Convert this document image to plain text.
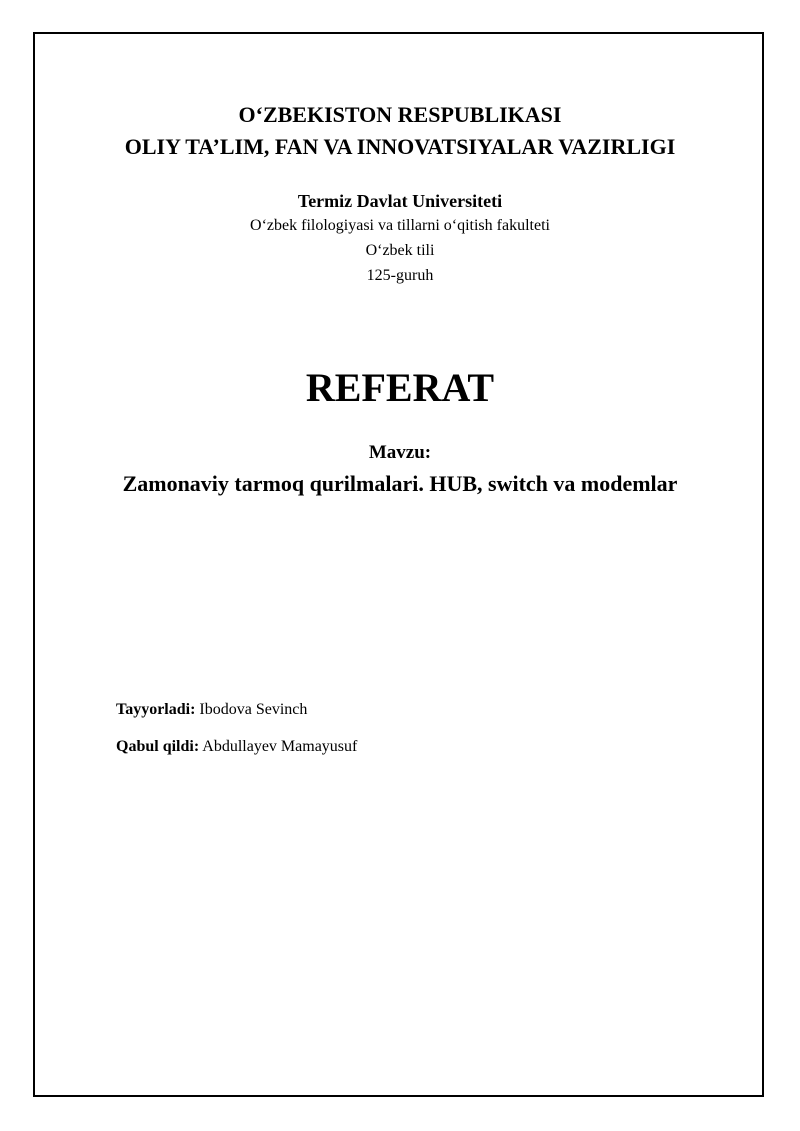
O‘ZBEKISTON RESPUBLIKASI

OLIY TA’LIM, FAN VA INNOVATSIYALAR VAZIRLIGI

Termiz Davlat Universiteti

O‘zbek filologiyasi va tillarni o‘qitish fakulteti

O‘zbek tili

125-guruh

REFERAT

Mavzu:

Zamonaviy tarmoq qurilmalari. HUB, switch va modemlar

Tayyorladi: Ibodova Sevinch

Qabul qildi: Abdullayev Mamayusuf
